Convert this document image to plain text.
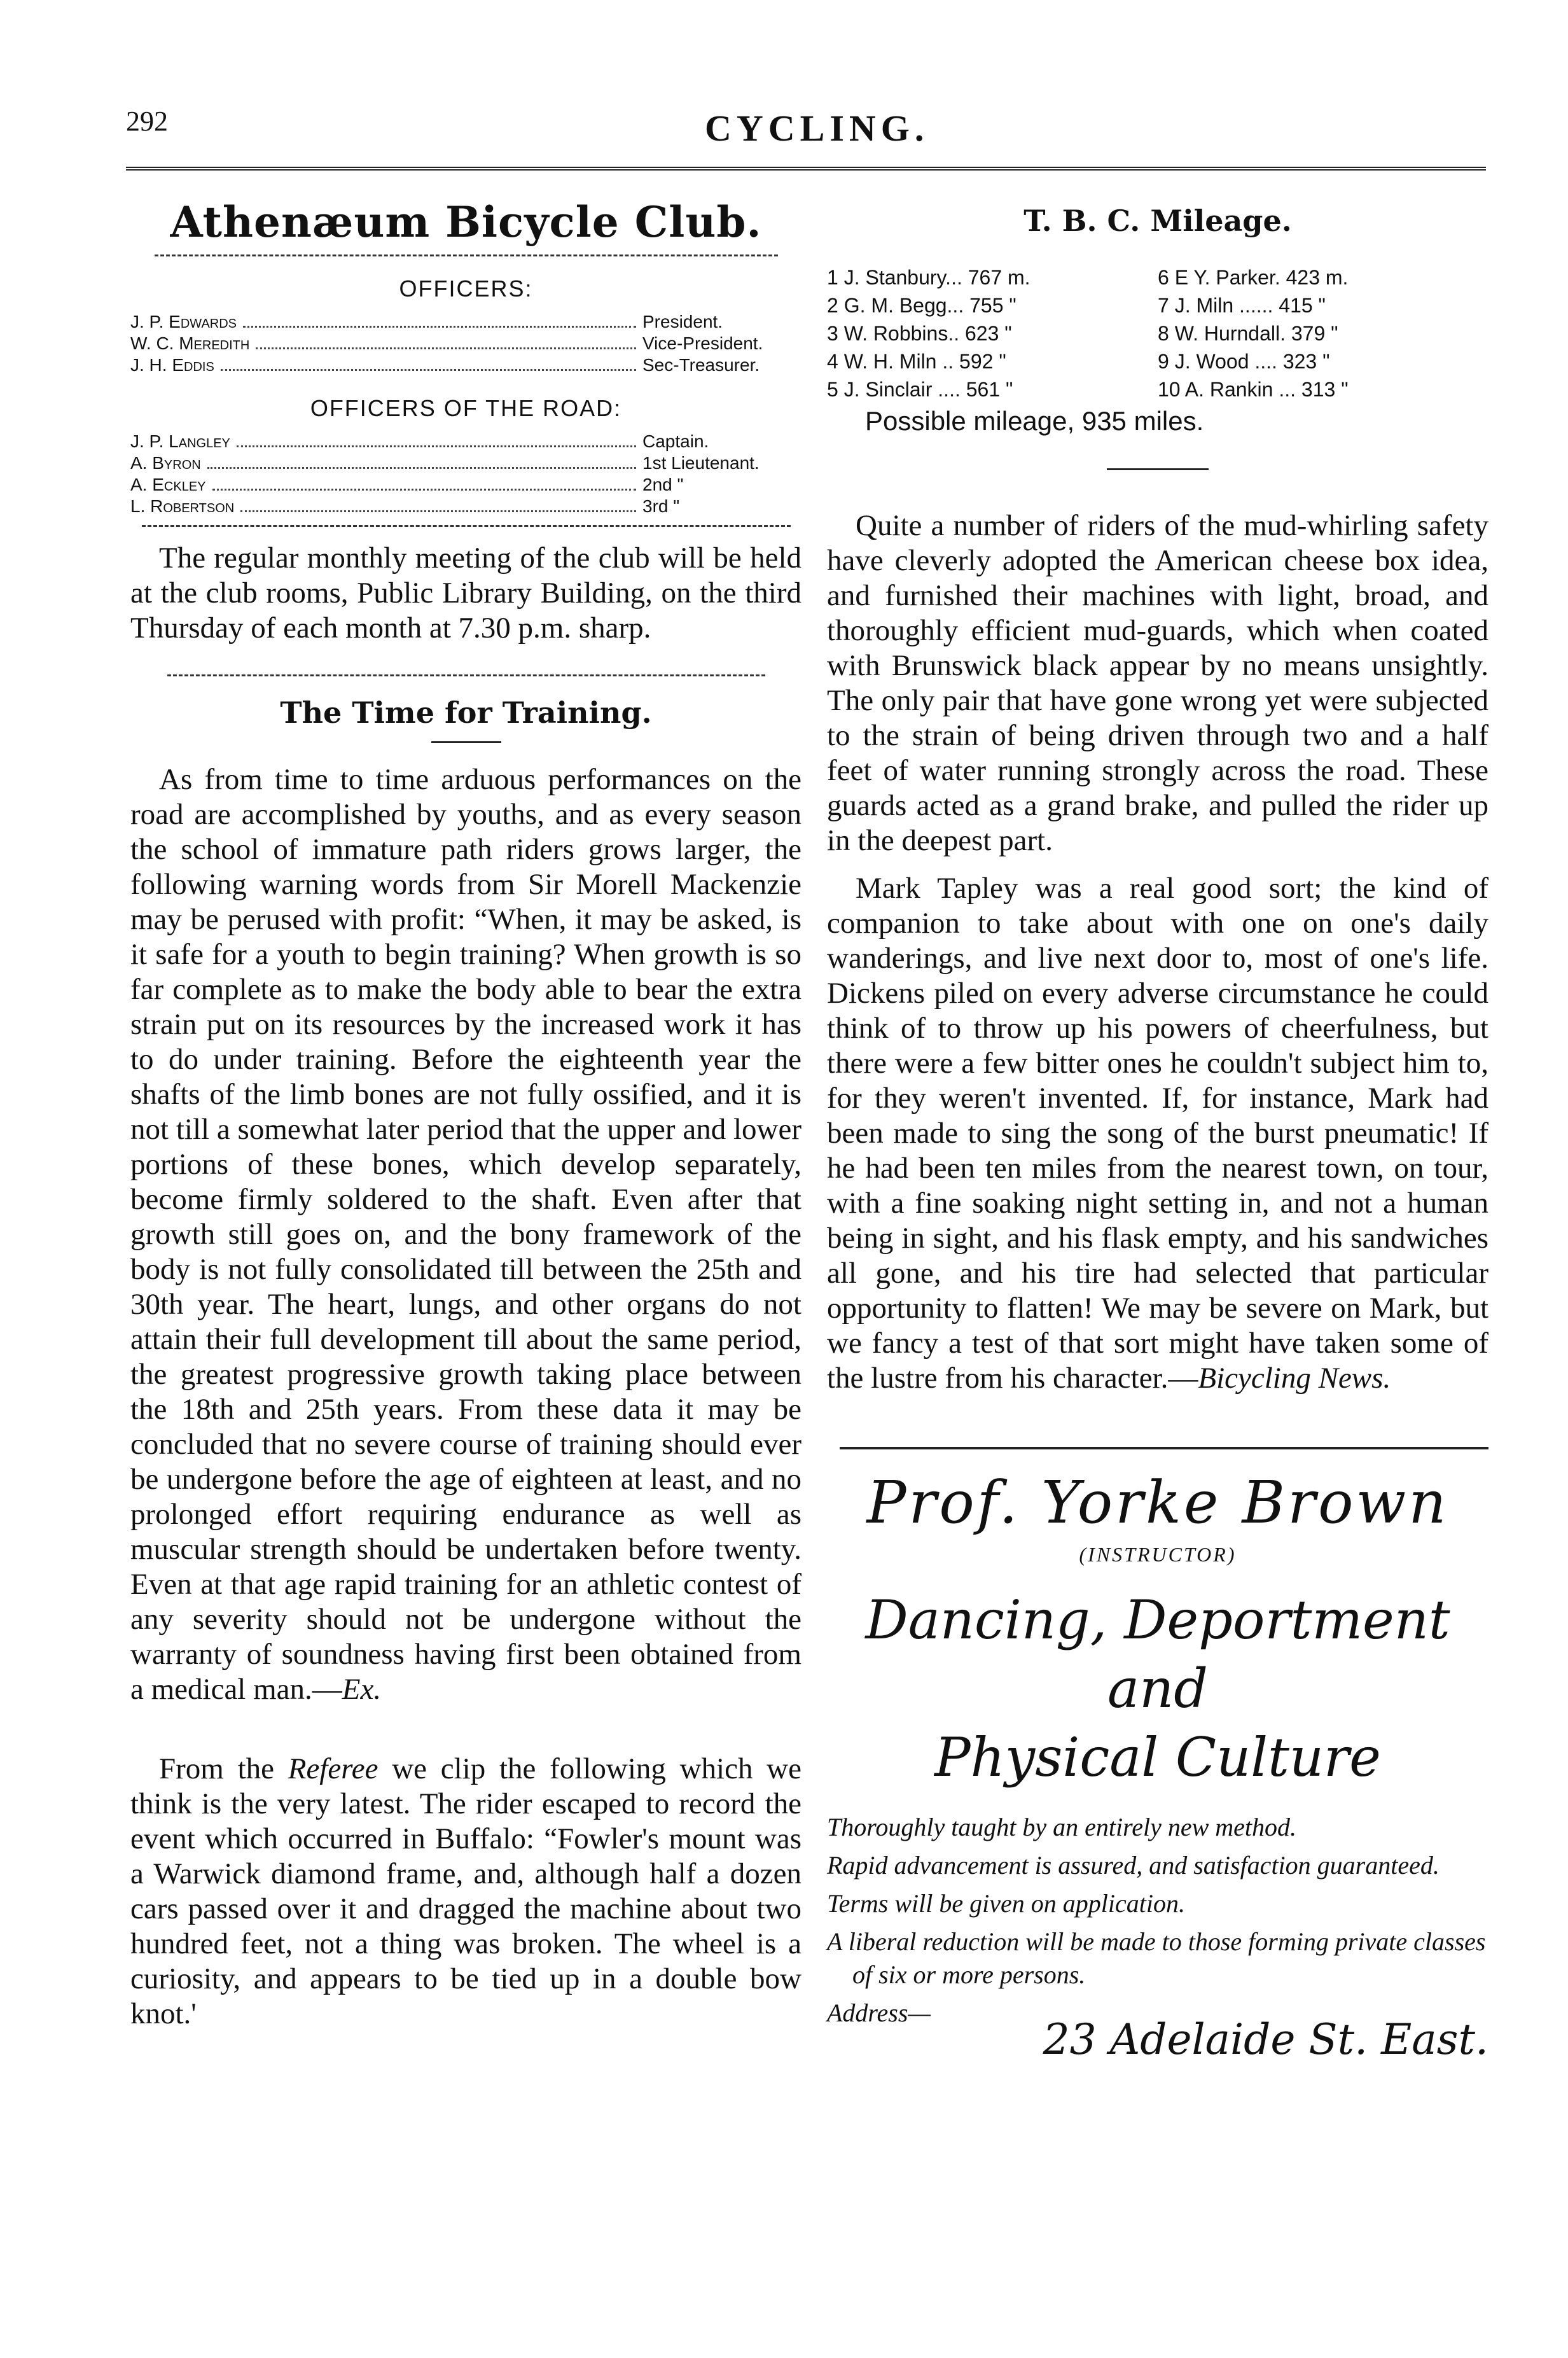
292	CYCLING.
Athenæum Bicycle Club.
OFFICERS:
J. P. Edwards	President.
W. C. Meredith	Vice-President.
J. H. Eddis	Sec-Treasurer.
OFFICERS OF THE ROAD:
J. P. Langley	Captain.
A. Byron	1st Lieutenant.
A. Eckley	2nd "
L. Robertson	3rd "

The regular monthly meeting of the club will be held at the club rooms, Public Library Building, on the third Thursday of each month at 7.30 p.m. sharp.

The Time for Training.

As from time to time arduous performances on the road are accomplished by youths, and as every season the school of immature path riders grows larger, the following warning words from Sir Morell Mackenzie may be perused with profit: “When, it may be asked, is it safe for a youth to begin training? When growth is so far complete as to make the body able to bear the extra strain put on its resources by the increased work it has to do under training. Before the eighteenth year the shafts of the limb bones are not fully ossified, and it is not till a somewhat later period that the upper and lower portions of these bones, which develop separately, become firmly soldered to the shaft. Even after that growth still goes on, and the bony framework of the body is not fully consolidated till between the 25th and 30th year. The heart, lungs, and other organs do not attain their full development till about the same period, the greatest progressive growth taking place between the 18th and 25th years. From these data it may be concluded that no severe course of training should ever be undergone before the age of eighteen at least, and no prolonged effort requiring endurance as well as muscular strength should be undertaken before twenty. Even at that age rapid training for an athletic contest of any severity should not be undergone without the warranty of soundness having first been obtained from a medical man.—Ex.

From the Referee we clip the following which we think is the very latest. The rider escaped to record the event which occurred in Buffalo: “Fowler's mount was a Warwick diamond frame, and, although half a dozen cars passed over it and dragged the machine about two hundred feet, not a thing was broken. The wheel is a curiosity, and appears to be tied up in a double bow knot.'

T. B. C. Mileage.
1 J. Stanbury... 767 m.	6 E Y. Parker. 423 m.
2 G. M. Begg... 755 "	7 J. Miln ...... 415 "
3 W. Robbins.. 623 "	8 W. Hurndall. 379 "
4 W. H. Miln .. 592 "	9 J. Wood .... 323 "
5 J. Sinclair .... 561 "	10 A. Rankin ... 313 "
Possible mileage, 935 miles.

Quite a number of riders of the mud-whirling safety have cleverly adopted the American cheese box idea, and furnished their machines with light, broad, and thoroughly efficient mud-guards, which when coated with Brunswick black appear by no means unsightly. The only pair that have gone wrong yet were subjected to the strain of being driven through two and a half feet of water running strongly across the road. These guards acted as a grand brake, and pulled the rider up in the deepest part.

Mark Tapley was a real good sort; the kind of companion to take about with one on one's daily wanderings, and live next door to, most of one's life. Dickens piled on every adverse circumstance he could think of to throw up his powers of cheerfulness, but there were a few bitter ones he couldn't subject him to, for they weren't invented. If, for instance, Mark had been made to sing the song of the burst pneumatic! If he had been ten miles from the nearest town, on tour, with a fine soaking night setting in, and not a human being in sight, and his flask empty, and his sandwiches all gone, and his tire had selected that particular opportunity to flatten! We may be severe on Mark, but we fancy a test of that sort might have taken some of the lustre from his character.—Bicycling News.

Prof. Yorke Brown
(INSTRUCTOR)
Dancing, Deportment and
Physical Culture
Thoroughly taught by an entirely new method.
Rapid advancement is assured, and satisfaction guaranteed.
Terms will be given on application.
A liberal reduction will be made to those forming private classes of six or more persons.
Address—
23 Adelaide St. East.
